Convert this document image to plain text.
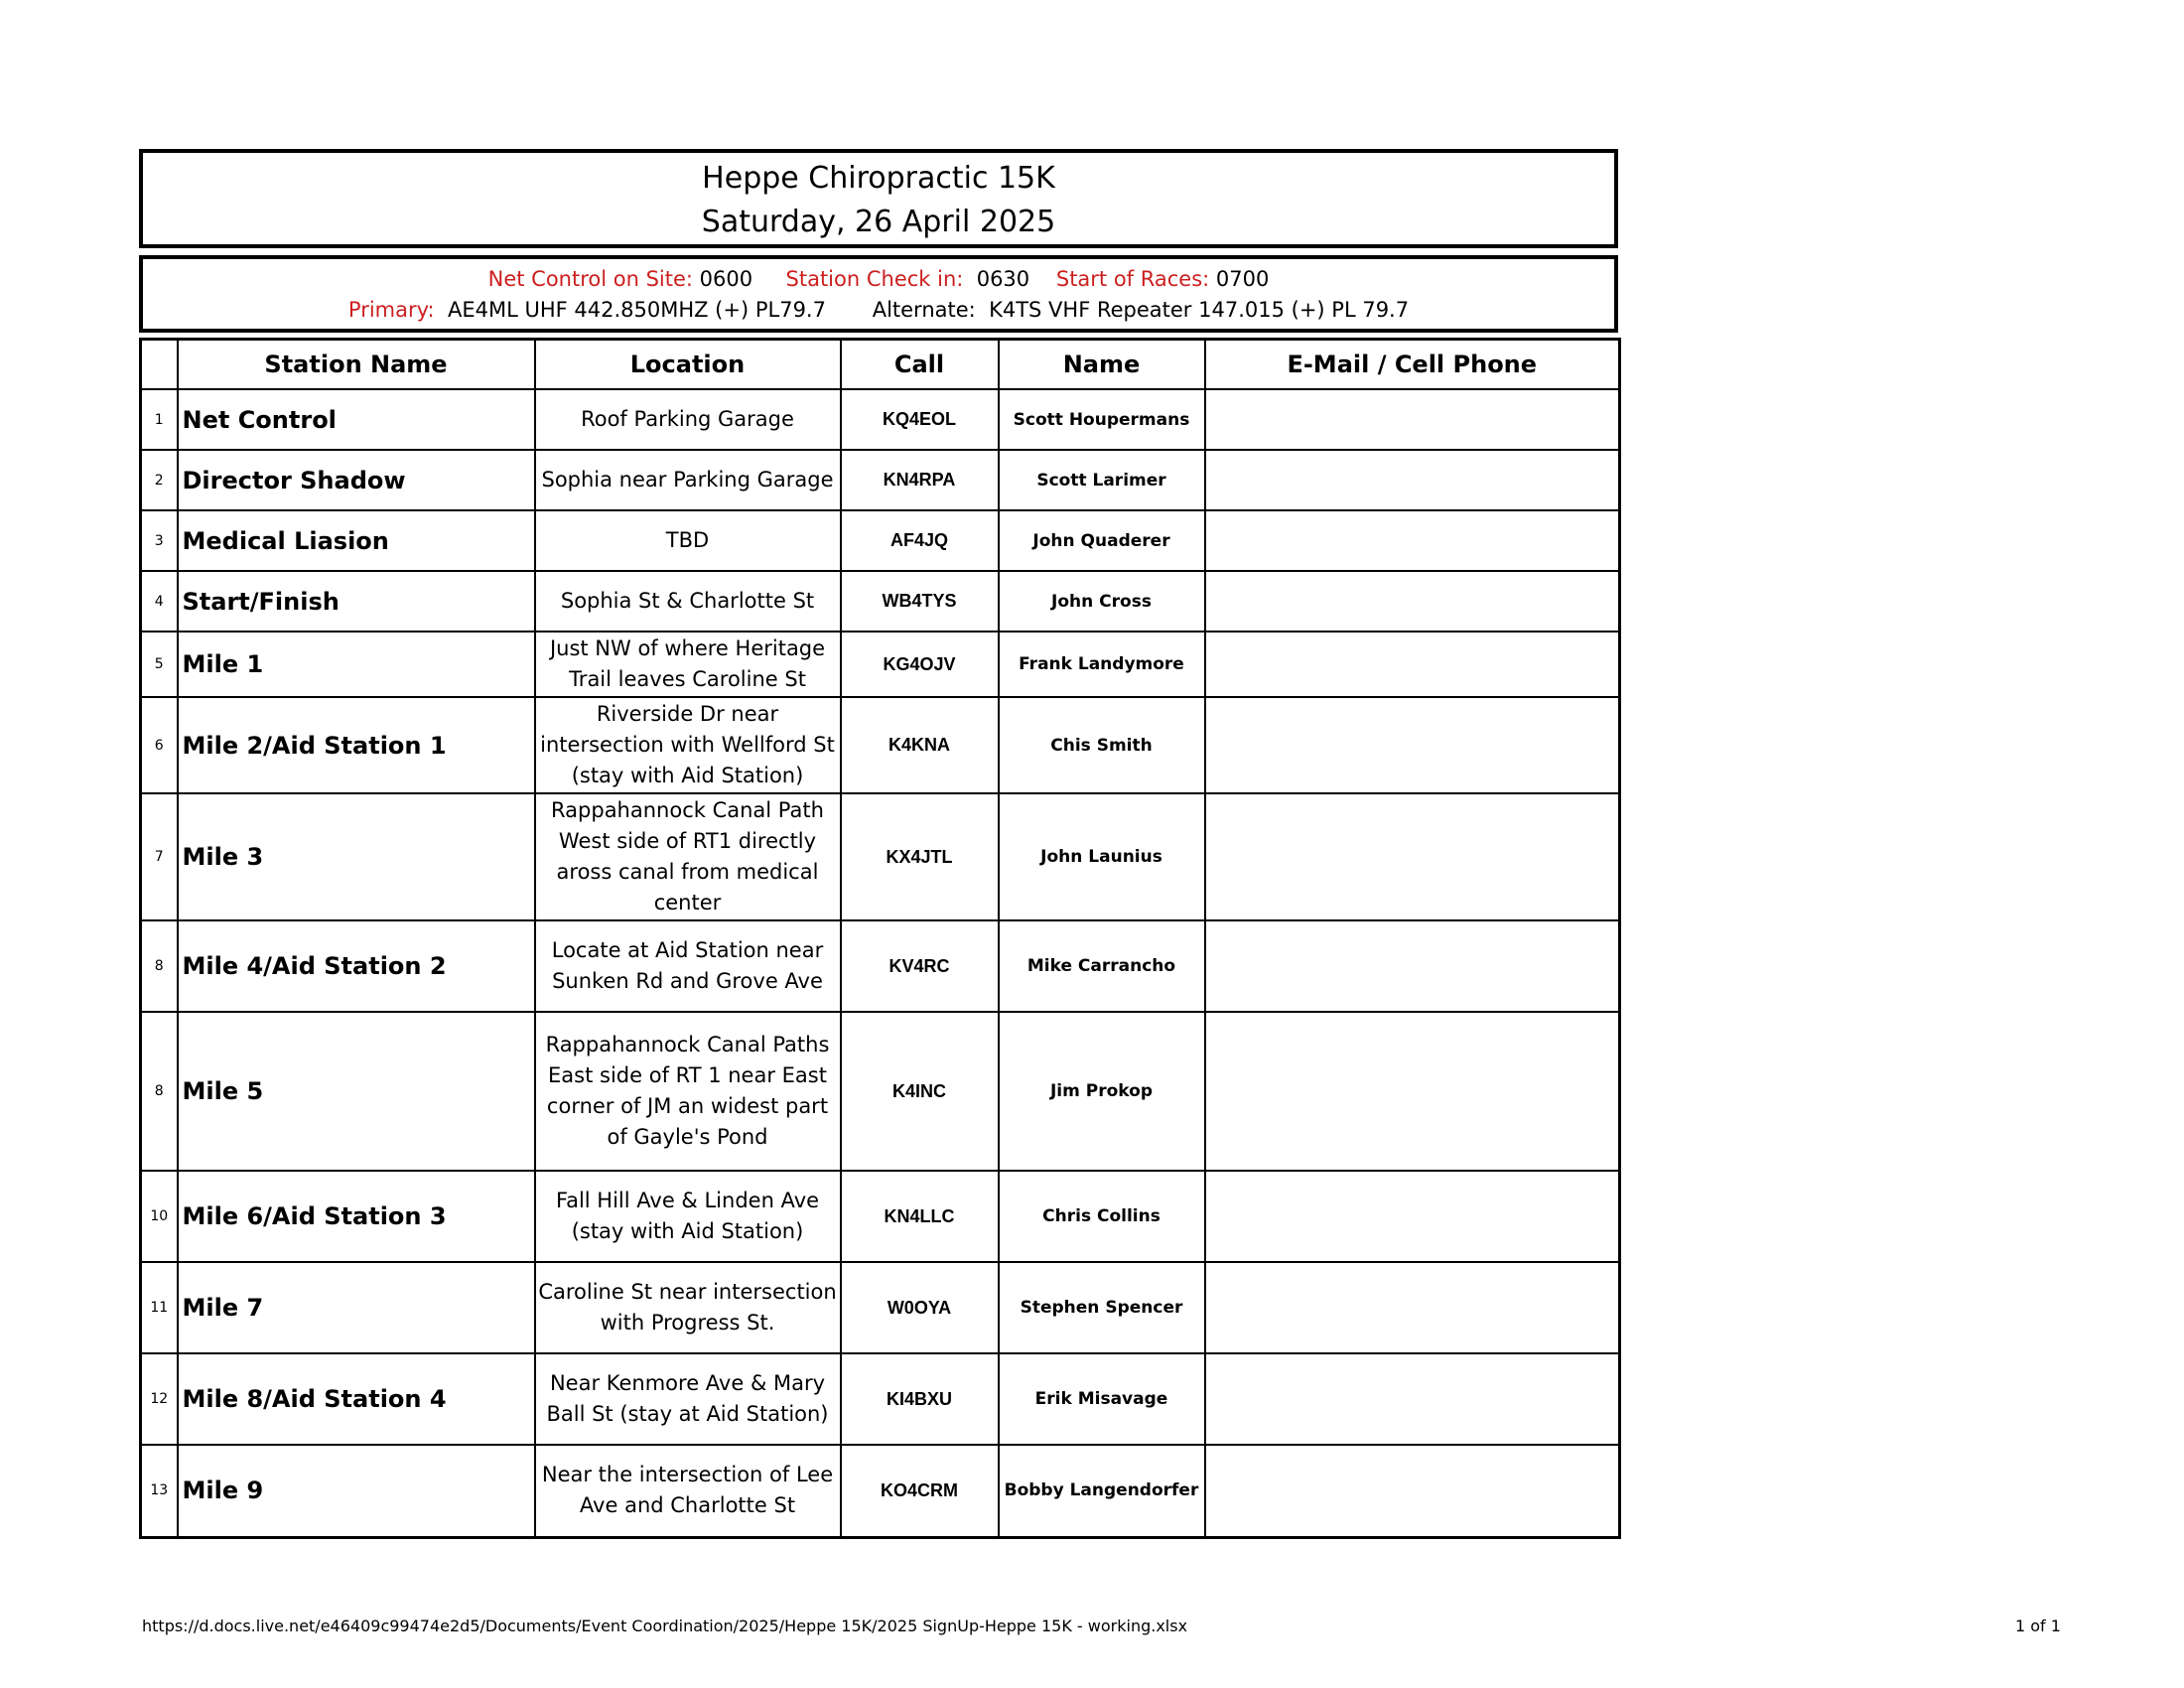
Heppe Chiropractic 15K
Saturday, 26 April 2025
Net Control on Site: 0600 Station Check in: 0630 Start of Races: 0700
Primary: AE4ML UHF 442.850MHZ (+) PL79.7 Alternate: K4TS VHF Repeater 147.015 (+) PL 79.7
	Station Name	Location	Call	Name	E-Mail / Cell Phone
1	Net Control	Roof Parking Garage	KQ4EOL	Scott Houpermans	
2	Director Shadow	Sophia near Parking Garage	KN4RPA	Scott Larimer	
3	Medical Liasion	TBD	AF4JQ	John Quaderer	
4	Start/Finish	Sophia St & Charlotte St	WB4TYS	John Cross	
5	Mile 1	Just NW of where Heritage Trail leaves Caroline St	KG4OJV	Frank Landymore	
6	Mile 2/Aid Station 1	Riverside Dr near intersection with Wellford St (stay with Aid Station)	K4KNA	Chis Smith	
7	Mile 3	Rappahannock Canal Path West side of RT1 directly aross canal from medical center	KX4JTL	John Launius	
8	Mile 4/Aid Station 2	Locate at Aid Station near Sunken Rd and Grove Ave	KV4RC	Mike Carrancho	
8	Mile 5	Rappahannock Canal Paths East side of RT 1 near East corner of JM an widest part of Gayle's Pond	K4INC	Jim Prokop	
10	Mile 6/Aid Station 3	Fall Hill Ave & Linden Ave (stay with Aid Station)	KN4LLC	Chris Collins	
11	Mile 7	Caroline St near intersection with Progress St.	W0OYA	Stephen Spencer	
12	Mile 8/Aid Station 4	Near Kenmore Ave & Mary Ball St (stay at Aid Station)	KI4BXU	Erik Misavage	
13	Mile 9	Near the intersection of Lee Ave and Charlotte St	KO4CRM	Bobby Langendorfer	
https://d.docs.live.net/e46409c99474e2d5/Documents/Event Coordination/2025/Heppe 15K/2025 SignUp-Heppe 15K - working.xlsx	1 of 1
